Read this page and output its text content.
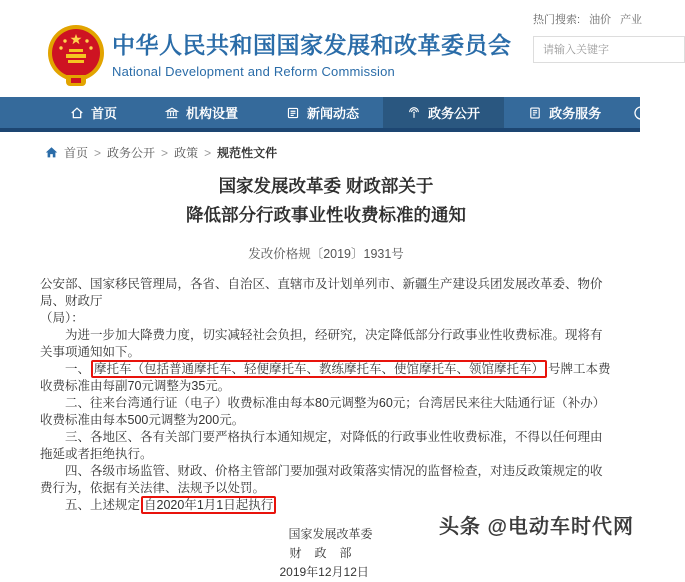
中华人民共和国国家发展和改革委员会
National Development and Reform Commission
热门搜索: 油价 产业
请输入关键字
首页	机构设置	新闻动态	政务公开	政务服务
首页 > 政务公开 > 政策 > 规范性文件
国家发展改革委 财政部关于
降低部分行政事业性收费标准的通知
发改价格规〔2019〕1931号

公安部、国家移民管理局，各省、自治区、直辖市及计划单列市、新疆生产建设兵团发展改革委、物价局、财政厅
（局）：

为进一步加大降费力度，切实减轻社会负担，经研究，决定降低部分行政事业性收费标准。现将有关事项通知如下。

一、 摩托车（包括普通摩托车、轻便摩托车、教练摩托车、使馆摩托车、领馆摩托车） 号牌工本费收费标准由每副70元调整为35元。

二、往来台湾通行证（电子）收费标准由每本80元调整为60元；台湾居民来往大陆通行证（补办）收费标准由每本500元调整为200元。

三、各地区、各有关部门要严格执行本通知规定，对降低的行政事业性收费标准，不得以任何理由拖延或者拒绝执行。

四、各级市场监管、财政、价格主管部门要加强对政策落实情况的监督检查，对违反政策规定的收费行为，依据有关法律、法规予以处罚。

五、上述规定 自2020年1月1日起执行

国家发展改革委
财政部
2019年12月12日
头条 @电动车时代网
